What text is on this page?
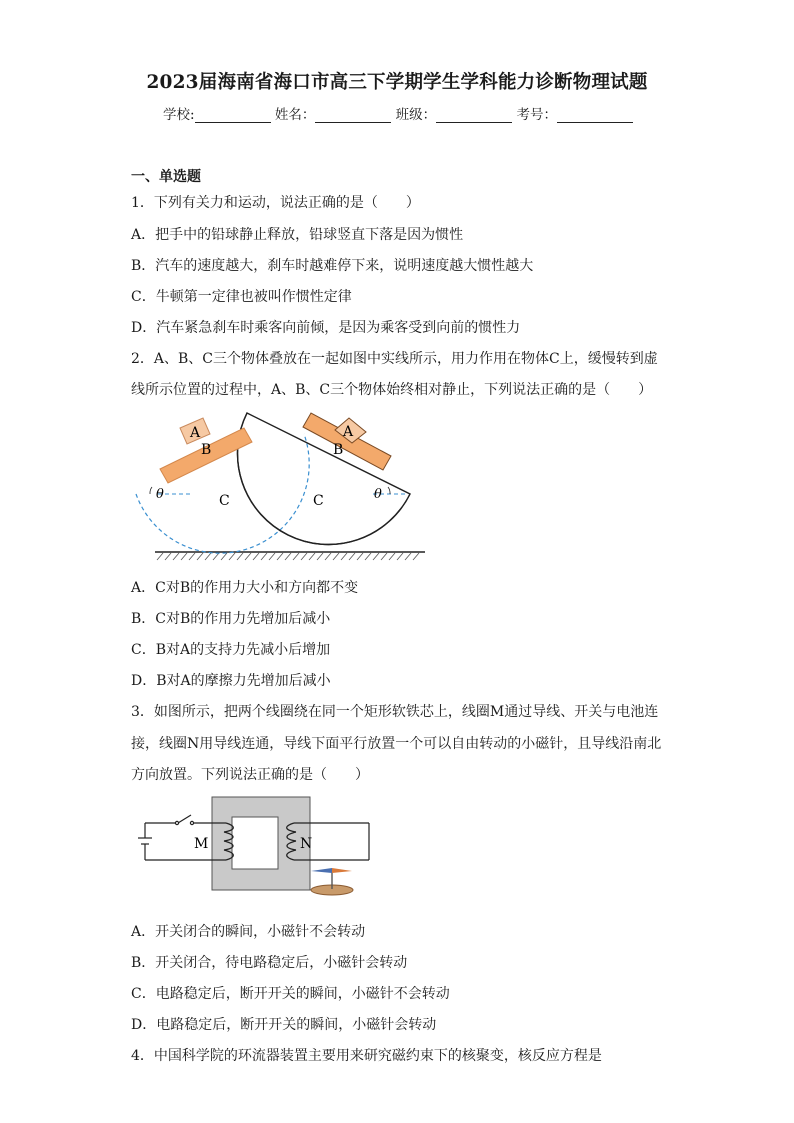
2023届海南省海口市高三下学期学生学科能力诊断物理试题
学校:	姓名：	班级：	考号：
一、单选题
1．下列有关力和运动，说法正确的是（　　）
A．把手中的铅球静止释放，铅球竖直下落是因为惯性
B．汽车的速度越大，刹车时越难停下来，说明速度越大惯性越大
C．牛顿第一定律也被叫作惯性定律
D．汽车紧急刹车时乘客向前倾，是因为乘客受到向前的惯性力
2．A、B、C三个物体叠放在一起如图中实线所示，用力作用在物体C上，缓慢转到虚
线所示位置的过程中，A、B、C三个物体始终相对静止，下列说法正确的是（　　）
A
B
A
B
C	C
θ	θ
A．C对B的作用力大小和方向都不变
B．C对B的作用力先增加后减小
C．B对A的支持力先减小后增加
D．B对A的摩擦力先增加后减小
3．如图所示，把两个线圈绕在同一个矩形软铁芯上，线圈M通过导线、开关与电池连
接，线圈N用导线连通，导线下面平行放置一个可以自由转动的小磁针，且导线沿南北
方向放置。下列说法正确的是（　　）
M	N
A．开关闭合的瞬间，小磁针不会转动
B．开关闭合，待电路稳定后，小磁针会转动
C．电路稳定后，断开开关的瞬间，小磁针不会转动
D．电路稳定后，断开开关的瞬间，小磁针会转动
4．中国科学院的环流器装置主要用来研究磁约束下的核聚变，核反应方程是
